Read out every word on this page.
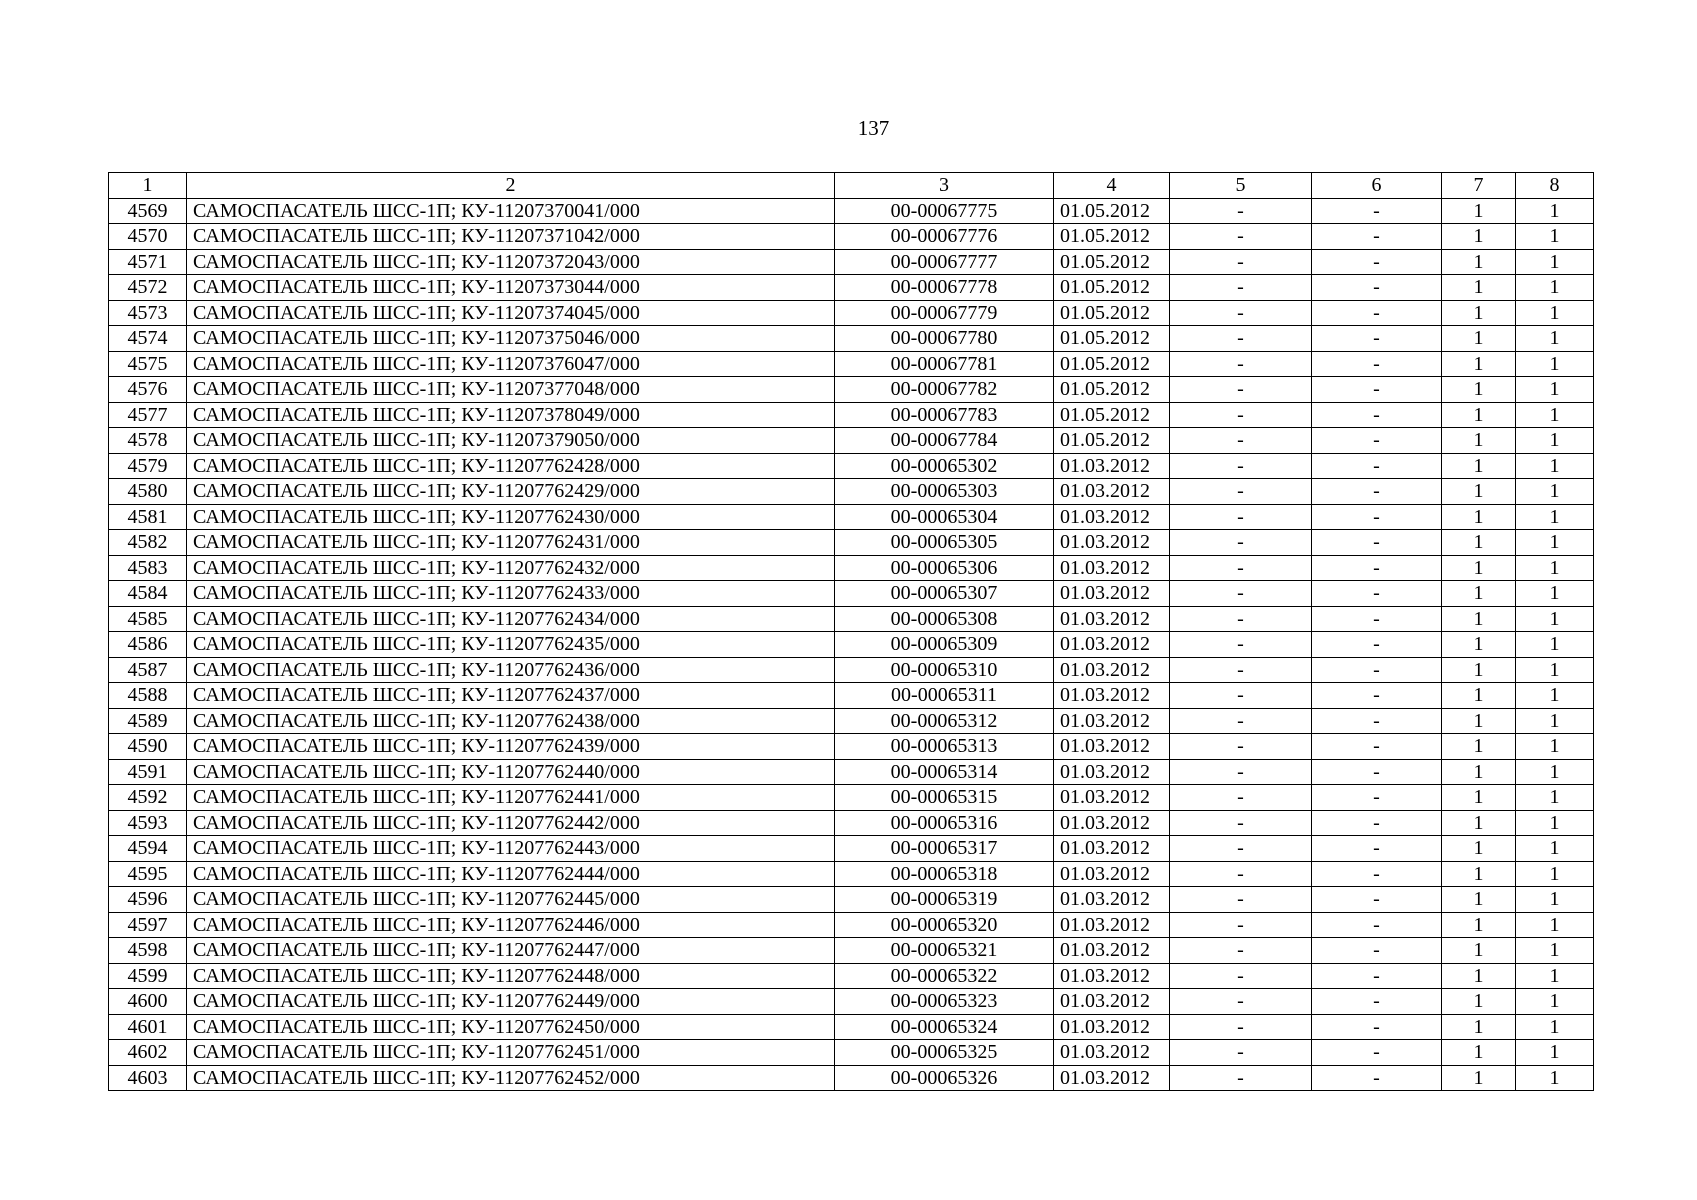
137
1	2	3	4	5	6	7	8
4569	САМОСПАСАТЕЛЬ ШСС-1П; КУ-11207370041/000	00-00067775	01.05.2012	-	-	1	1
4570	САМОСПАСАТЕЛЬ ШСС-1П; КУ-11207371042/000	00-00067776	01.05.2012	-	-	1	1
4571	САМОСПАСАТЕЛЬ ШСС-1П; КУ-11207372043/000	00-00067777	01.05.2012	-	-	1	1
4572	САМОСПАСАТЕЛЬ ШСС-1П; КУ-11207373044/000	00-00067778	01.05.2012	-	-	1	1
4573	САМОСПАСАТЕЛЬ ШСС-1П; КУ-11207374045/000	00-00067779	01.05.2012	-	-	1	1
4574	САМОСПАСАТЕЛЬ ШСС-1П; КУ-11207375046/000	00-00067780	01.05.2012	-	-	1	1
4575	САМОСПАСАТЕЛЬ ШСС-1П; КУ-11207376047/000	00-00067781	01.05.2012	-	-	1	1
4576	САМОСПАСАТЕЛЬ ШСС-1П; КУ-11207377048/000	00-00067782	01.05.2012	-	-	1	1
4577	САМОСПАСАТЕЛЬ ШСС-1П; КУ-11207378049/000	00-00067783	01.05.2012	-	-	1	1
4578	САМОСПАСАТЕЛЬ ШСС-1П; КУ-11207379050/000	00-00067784	01.05.2012	-	-	1	1
4579	САМОСПАСАТЕЛЬ ШСС-1П; КУ-11207762428/000	00-00065302	01.03.2012	-	-	1	1
4580	САМОСПАСАТЕЛЬ ШСС-1П; КУ-11207762429/000	00-00065303	01.03.2012	-	-	1	1
4581	САМОСПАСАТЕЛЬ ШСС-1П; КУ-11207762430/000	00-00065304	01.03.2012	-	-	1	1
4582	САМОСПАСАТЕЛЬ ШСС-1П; КУ-11207762431/000	00-00065305	01.03.2012	-	-	1	1
4583	САМОСПАСАТЕЛЬ ШСС-1П; КУ-11207762432/000	00-00065306	01.03.2012	-	-	1	1
4584	САМОСПАСАТЕЛЬ ШСС-1П; КУ-11207762433/000	00-00065307	01.03.2012	-	-	1	1
4585	САМОСПАСАТЕЛЬ ШСС-1П; КУ-11207762434/000	00-00065308	01.03.2012	-	-	1	1
4586	САМОСПАСАТЕЛЬ ШСС-1П; КУ-11207762435/000	00-00065309	01.03.2012	-	-	1	1
4587	САМОСПАСАТЕЛЬ ШСС-1П; КУ-11207762436/000	00-00065310	01.03.2012	-	-	1	1
4588	САМОСПАСАТЕЛЬ ШСС-1П; КУ-11207762437/000	00-00065311	01.03.2012	-	-	1	1
4589	САМОСПАСАТЕЛЬ ШСС-1П; КУ-11207762438/000	00-00065312	01.03.2012	-	-	1	1
4590	САМОСПАСАТЕЛЬ ШСС-1П; КУ-11207762439/000	00-00065313	01.03.2012	-	-	1	1
4591	САМОСПАСАТЕЛЬ ШСС-1П; КУ-11207762440/000	00-00065314	01.03.2012	-	-	1	1
4592	САМОСПАСАТЕЛЬ ШСС-1П; КУ-11207762441/000	00-00065315	01.03.2012	-	-	1	1
4593	САМОСПАСАТЕЛЬ ШСС-1П; КУ-11207762442/000	00-00065316	01.03.2012	-	-	1	1
4594	САМОСПАСАТЕЛЬ ШСС-1П; КУ-11207762443/000	00-00065317	01.03.2012	-	-	1	1
4595	САМОСПАСАТЕЛЬ ШСС-1П; КУ-11207762444/000	00-00065318	01.03.2012	-	-	1	1
4596	САМОСПАСАТЕЛЬ ШСС-1П; КУ-11207762445/000	00-00065319	01.03.2012	-	-	1	1
4597	САМОСПАСАТЕЛЬ ШСС-1П; КУ-11207762446/000	00-00065320	01.03.2012	-	-	1	1
4598	САМОСПАСАТЕЛЬ ШСС-1П; КУ-11207762447/000	00-00065321	01.03.2012	-	-	1	1
4599	САМОСПАСАТЕЛЬ ШСС-1П; КУ-11207762448/000	00-00065322	01.03.2012	-	-	1	1
4600	САМОСПАСАТЕЛЬ ШСС-1П; КУ-11207762449/000	00-00065323	01.03.2012	-	-	1	1
4601	САМОСПАСАТЕЛЬ ШСС-1П; КУ-11207762450/000	00-00065324	01.03.2012	-	-	1	1
4602	САМОСПАСАТЕЛЬ ШСС-1П; КУ-11207762451/000	00-00065325	01.03.2012	-	-	1	1
4603	САМОСПАСАТЕЛЬ ШСС-1П; КУ-11207762452/000	00-00065326	01.03.2012	-	-	1	1
